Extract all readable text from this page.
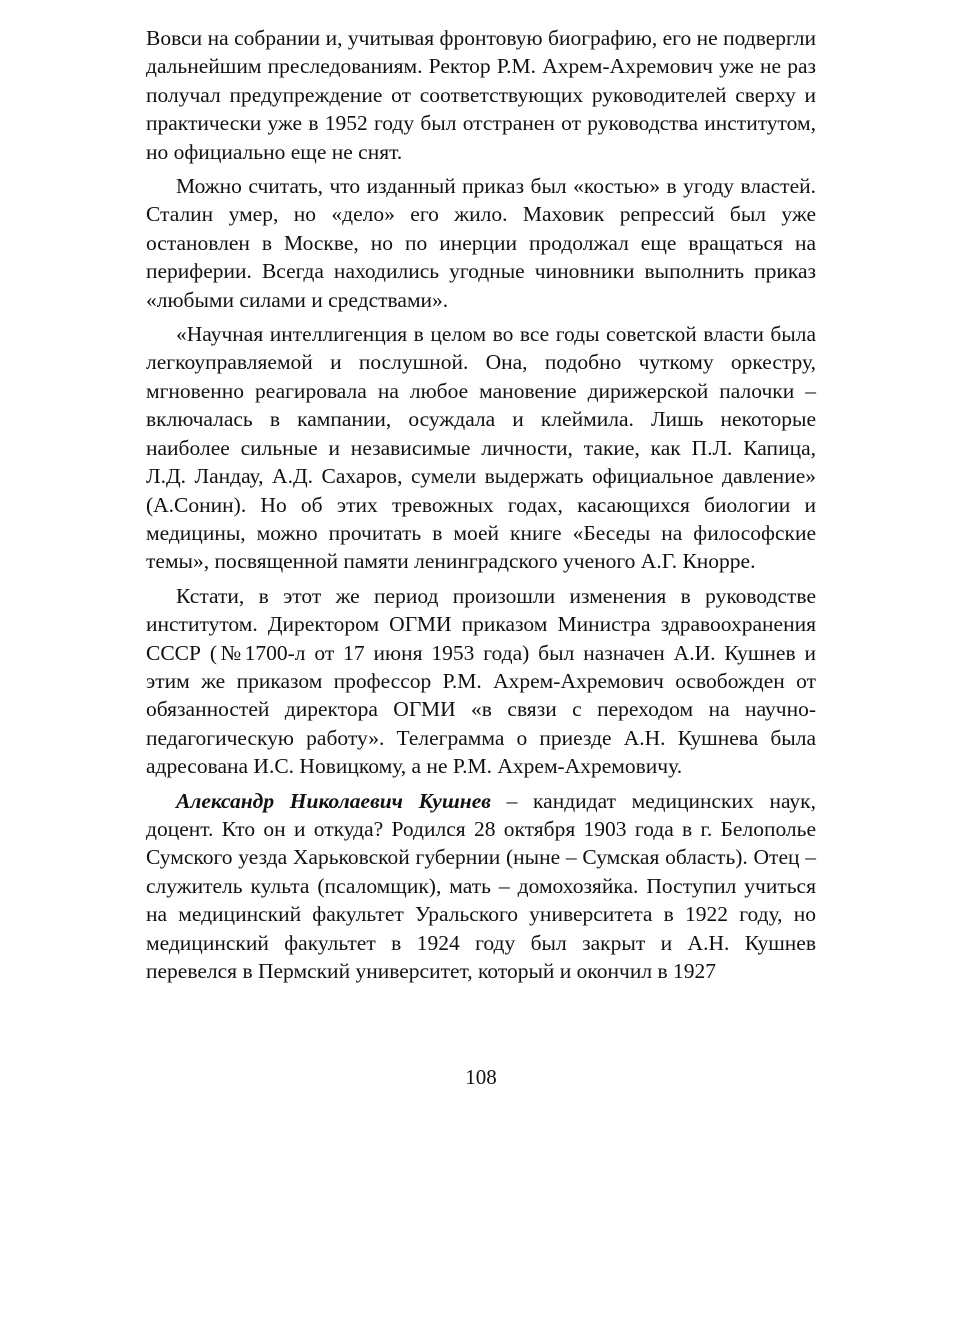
Вовси на собрании и, учитывая фронтовую биографию, его не подвергли дальнейшим преследованиям. Ректор Р.М. Ахрем-Ахремович уже не раз получал предупреждение от соответствующих руководителей сверху и практически уже в 1952 году был отстранен от руководства институтом, но официально еще не снят.

Можно считать, что изданный приказ был «костью» в угоду властей. Сталин умер, но «дело» его жило. Маховик репрессий был уже остановлен в Москве, но по инерции продолжал еще вращаться на периферии. Всегда находились угодные чиновники выполнить приказ «любыми силами и средствами».

«Научная интеллигенция в целом во все годы советской власти была легкоуправляемой и послушной. Она, подобно чуткому оркестру, мгновенно реагировала на любое мановение дирижерской палочки – включалась в кампании, осуждала и клеймила. Лишь некоторые наиболее сильные и независимые личности, такие, как П.Л. Капица, Л.Д. Ландау, А.Д. Сахаров, сумели выдержать официальное давление» (А.Сонин). Но об этих тревожных годах, касающихся биологии и медицины, можно прочитать в моей книге «Беседы на философские темы», посвященной памяти ленинградского ученого А.Г. Кнорре.

Кстати, в этот же период произошли изменения в руководстве институтом. Директором ОГМИ приказом Министра здравоохранения СССР (№1700-л от 17 июня 1953 года) был назначен А.И. Кушнев и этим же приказом профессор Р.М. Ахрем-Ахремович освобожден от обязанностей директора ОГМИ «в связи с переходом на научно-педагогическую работу». Телеграмма о приезде А.Н. Кушнева была адресована И.С. Новицкому, а не Р.М. Ахрем-Ахремовичу.

Александр Николаевич Кушнев – кандидат медицинских наук, доцент. Кто он и откуда? Родился 28 октября 1903 года в г. Белополье Сумского уезда Харьковской губернии (ныне – Сумская область). Отец – служитель культа (псаломщик), мать – домохозяйка. Поступил учиться на медицинский факультет Уральского университета в 1922 году, но медицинский факультет в 1924 году был закрыт и А.Н. Кушнев перевелся в Пермский университет, который и окончил в 1927

108
